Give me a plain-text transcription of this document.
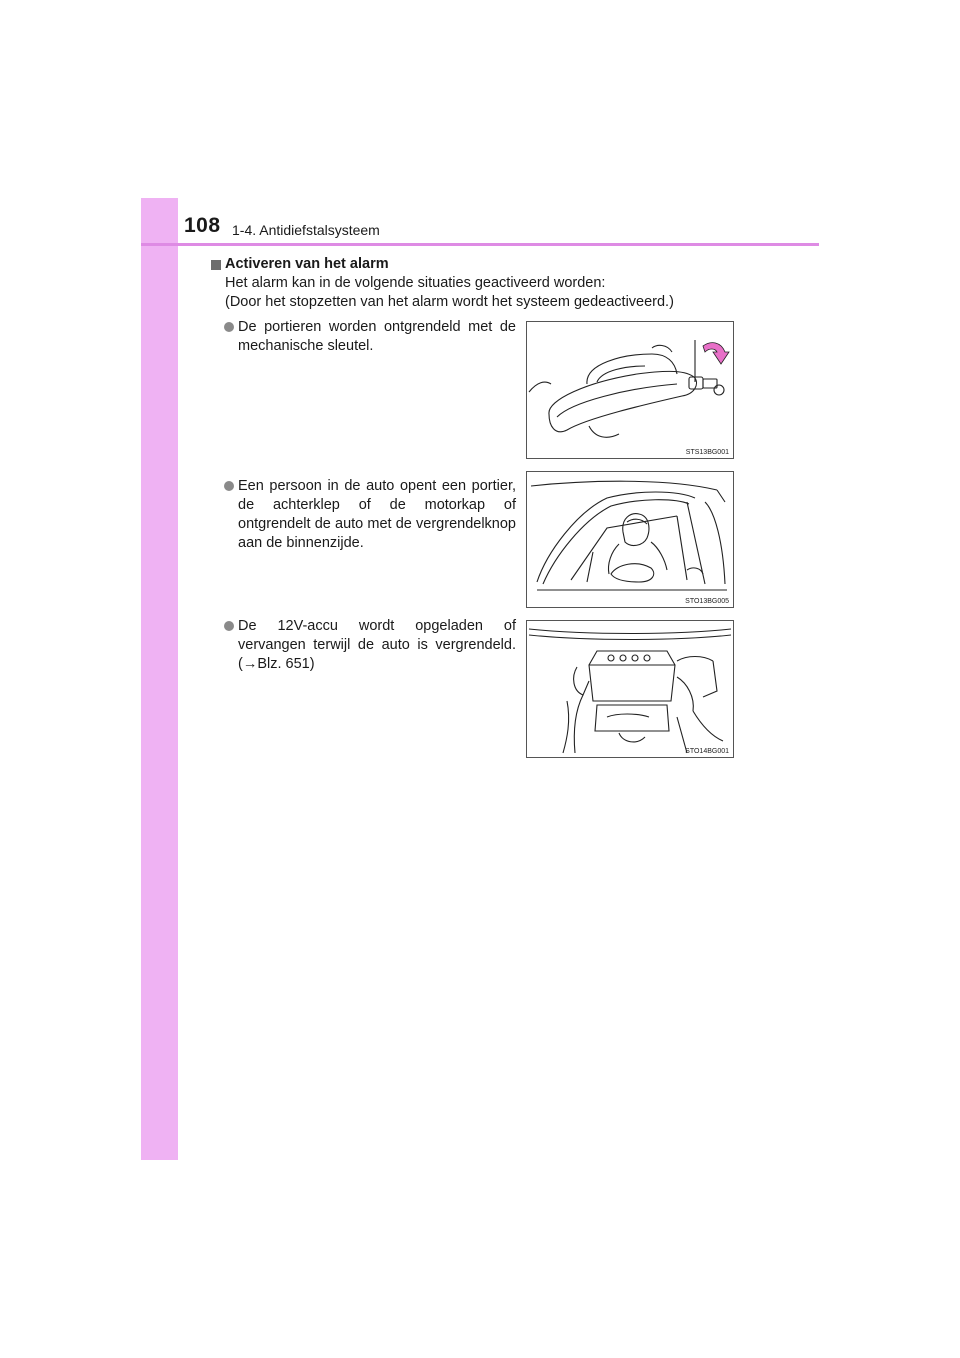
108 1-4. Antidiefstalsysteem
Activeren van het alarm

Het alarm kan in de volgende situaties geactiveerd worden:

(Door het stopzetten van het alarm wordt het systeem gedeactiveerd.)

De portieren worden ontgrendeld met de mechanische sleutel.
STS13BG001
Een persoon in de auto opent een portier, de achterklep of de motorkap of ontgrendelt de auto met de vergrendelknop aan de binnenzijde.
STO13BG005
De 12V-accu wordt opgeladen of vervangen terwijl de auto is vergrendeld. (→Blz. 651)
STO14BG001
